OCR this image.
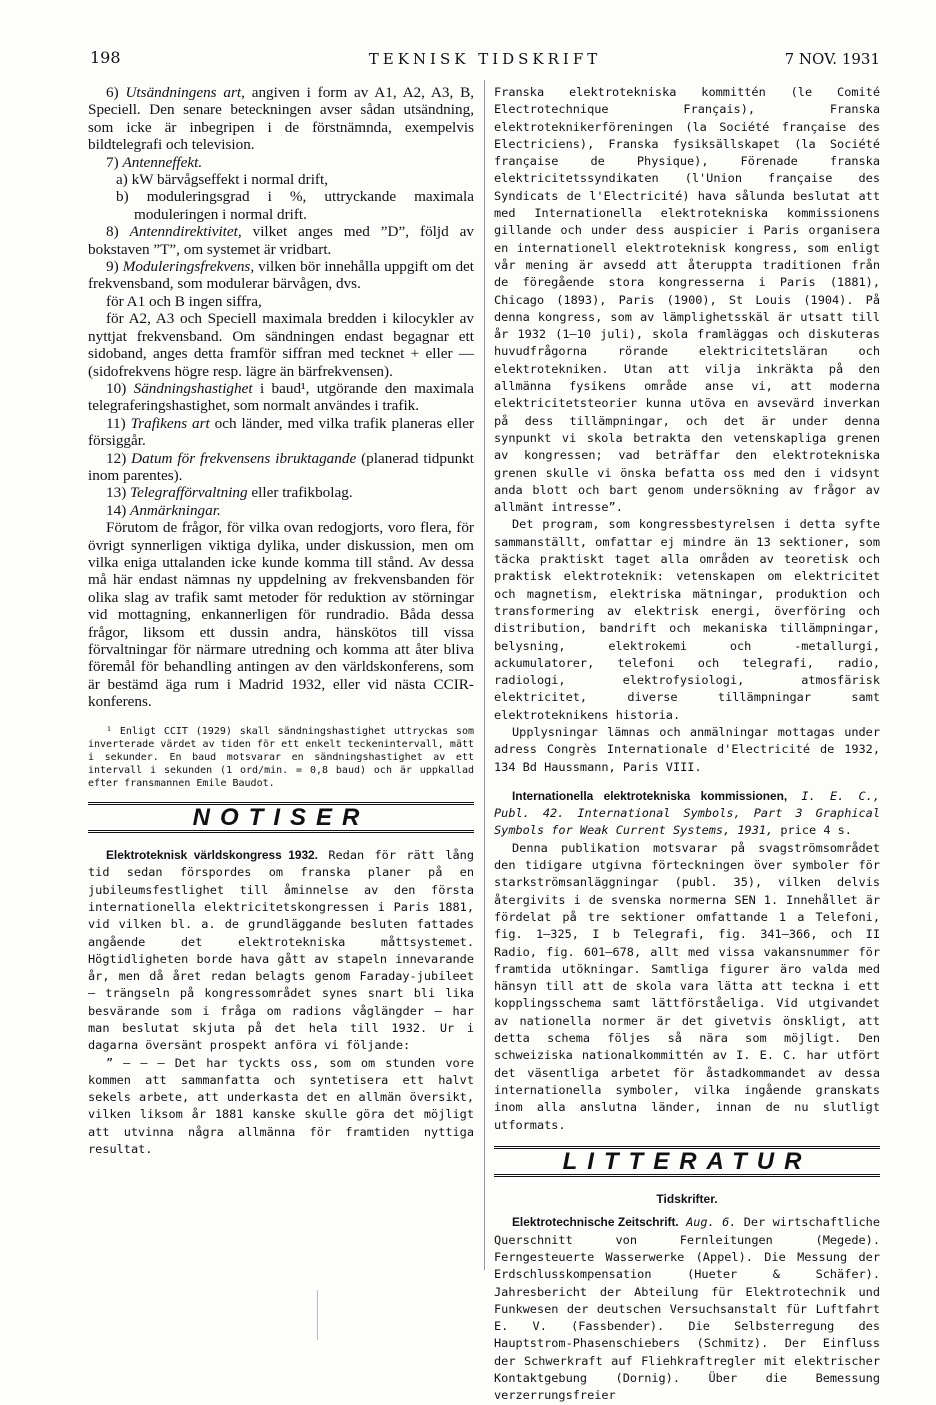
198	TEKNISK TIDSKRIFT	7 NOV. 1931

6) Utsändningens art, angiven i form av A1, A2, A3, B, Speciell. Den senare beteckningen avser sådan utsändning, som icke är inbegripen i de förstnämnda, exempelvis bildtelegrafi och television.

7) Antenneffekt.

a) kW bärvågseffekt i normal drift,

b) moduleringsgrad i %, uttryckande maximala moduleringen i normal drift.

8) Antenndirektivitet, vilket anges med ”D”, följd av bokstaven ”T”, om systemet är vridbart.

9) Moduleringsfrekvens, vilken bör innehålla uppgift om det frekvensband, som modulerar bärvågen, dvs.

för A1 och B ingen siffra,

för A2, A3 och Speciell maximala bredden i kilocykler av nyttjat frekvensband. Om sändningen endast begagnar ett sidoband, anges detta framför siffran med tecknet + eller — (sidofrekvens högre resp. lägre än bärfrekvensen).

10) Sändningshastighet i baud¹, utgörande den maximala telegraferingshastighet, som normalt användes i trafik.

11) Trafikens art och länder, med vilka trafik planeras eller försiggår.

12) Datum för frekvensens ibruktagande (planerad tidpunkt inom parentes).

13) Telegrafförvaltning eller trafikbolag.

14) Anmärkningar.

Förutom de frågor, för vilka ovan redogjorts, voro flera, för övrigt synnerligen viktiga dylika, under diskussion, men om vilka eniga uttalanden icke kunde komma till stånd. Av dessa må här endast nämnas ny uppdelning av frekvensbanden för olika slag av trafik samt metoder för reduktion av störningar vid mottagning, enkannerligen för rundradio. Båda dessa frågor, liksom ett dussin andra, hänskötos till vissa förvaltningar för närmare utredning och komma att åter bliva föremål för behandling antingen av den världskonferens, som är bestämd äga rum i Madrid 1932, eller vid nästa CCIR-konferens.

¹ Enligt CCIT (1929) skall sändningshastighet uttryckas som inverterade värdet av tiden för ett enkelt teckenintervall, mätt i sekunder. En baud motsvarar en sändningshastighet av ett intervall i sekunden (1 ord/min. = 0,8 baud) och är uppkallad efter fransmannen Emile Baudot.

NOTISER

Elektroteknisk världskongress 1932. Redan för rätt lång tid sedan förspordes om franska planer på en jubileumsfestlighet till åminnelse av den första internationella elektricitetskongressen i Paris 1881, vid vilken bl. a. de grundläggande besluten fattades angående det elektrotekniska måttsystemet. Högtidligheten borde hava gått av stapeln innevarande år, men då året redan belagts genom Faraday-jubileet — trängseln på kongressområdet synes snart bli lika besvärande som i fråga om radions våglängder — har man beslutat skjuta på det hela till 1932. Ur i dagarna översänt prospekt anföra vi följande:

” — — — Det har tyckts oss, som om stunden vore kommen att sammanfatta och syntetisera ett halvt sekels arbete, att underkasta det en allmän översikt, vilken liksom år 1881 kanske skulle göra det möjligt att utvinna några allmänna för framtiden nyttiga resultat.

Franska elektrotekniska kommittén (le Comité Electrotechnique Français), Franska elektroteknikerföreningen (la Société française des Electriciens), Franska fysiksällskapet (la Société française de Physique), Förenade franska elektricitetssyndikaten (l'Union française des Syndicats de l'Electricité) hava sålunda beslutat att med Internationella elektrotekniska kommissionens gillande och under dess auspicier i Paris organisera en internationell elektroteknisk kongress, som enligt vår mening är avsedd att återuppta traditionen från de föregående stora kongresserna i Paris (1881), Chicago (1893), Paris (1900), St Louis (1904). På denna kongress, som av lämplighetsskäl är utsatt till år 1932 (1—10 juli), skola framläggas och diskuteras huvudfrågorna rörande elektricitetsläran och elektrotekniken. Utan att vilja inkräkta på den allmänna fysikens område anse vi, att moderna elektricitetsteorier kunna utöva en avsevärd inverkan på dess tillämpningar, och det är under denna synpunkt vi skola betrakta den vetenskapliga grenen av kongressen; vad beträffar den elektrotekniska grenen skulle vi önska befatta oss med den i vidsynt anda blott och bart genom undersökning av frågor av allmänt intresse”.

Det program, som kongressbestyrelsen i detta syfte sammanställt, omfattar ej mindre än 13 sektioner, som täcka praktiskt taget alla områden av teoretisk och praktisk elektroteknik: vetenskapen om elektricitet och magnetism, elektriska mätningar, produktion och transformering av elektrisk energi, överföring och distribution, bandrift och mekaniska tillämpningar, belysning, elektrokemi och -metallurgi, ackumulatorer, telefoni och telegrafi, radio, radiologi, elektrofysiologi, atmosfärisk elektricitet, diverse tillämpningar samt elektroteknikens historia.

Upplysningar lämnas och anmälningar mottagas under adress Congrès Internationale d'Electricité de 1932, 134 Bd Haussmann, Paris VIII.

Internationella elektrotekniska kommissionen, I. E. C., Publ. 42. International Symbols, Part 3 Graphical Symbols for Weak Current Systems, 1931, price 4 s.

Denna publikation motsvarar på svagströmsområdet den tidigare utgivna förteckningen över symboler för starkströmsanläggningar (publ. 35), vilken delvis återgivits i de svenska normerna SEN 1. Innehållet är fördelat på tre sektioner omfattande 1 a Telefoni, fig. 1—325, I b Telegrafi, fig. 341—366, och II Radio, fig. 601—678, allt med vissa vakansnummer för framtida utökningar. Samtliga figurer äro valda med hänsyn till att de skola vara lätta att teckna i ett kopplingsschema samt lättförståeliga. Vid utgivandet av nationella normer är det givetvis önskligt, att detta schema följes så nära som möjligt. Den schweiziska nationalkommittén av I. E. C. har utfört det väsentliga arbetet för åstadkommandet av dessa internationella symboler, vilka ingående granskats inom alla anslutna länder, innan de nu slutligt utformats.

LITTERATUR
Tidskrifter.

Elektrotechnische Zeitschrift. Aug. 6. Der wirtschaftliche Querschnitt von Fernleitungen (Megede). Ferngesteuerte Wasserwerke (Appel). Die Messung der Erdschlusskompensation (Hueter & Schäfer). Jahresbericht der Abteilung für Elektrotechnik und Funkwesen der deutschen Versuchsanstalt für Luftfahrt E. V. (Fassbender). Die Selbsterregung des Hauptstrom-Phasenschiebers (Schmitz). Der Einfluss der Schwerkraft auf Fliehkraftregler mit elektrischer Kontaktgebung (Dornig). Über die Bemessung verzerrungsfreier
